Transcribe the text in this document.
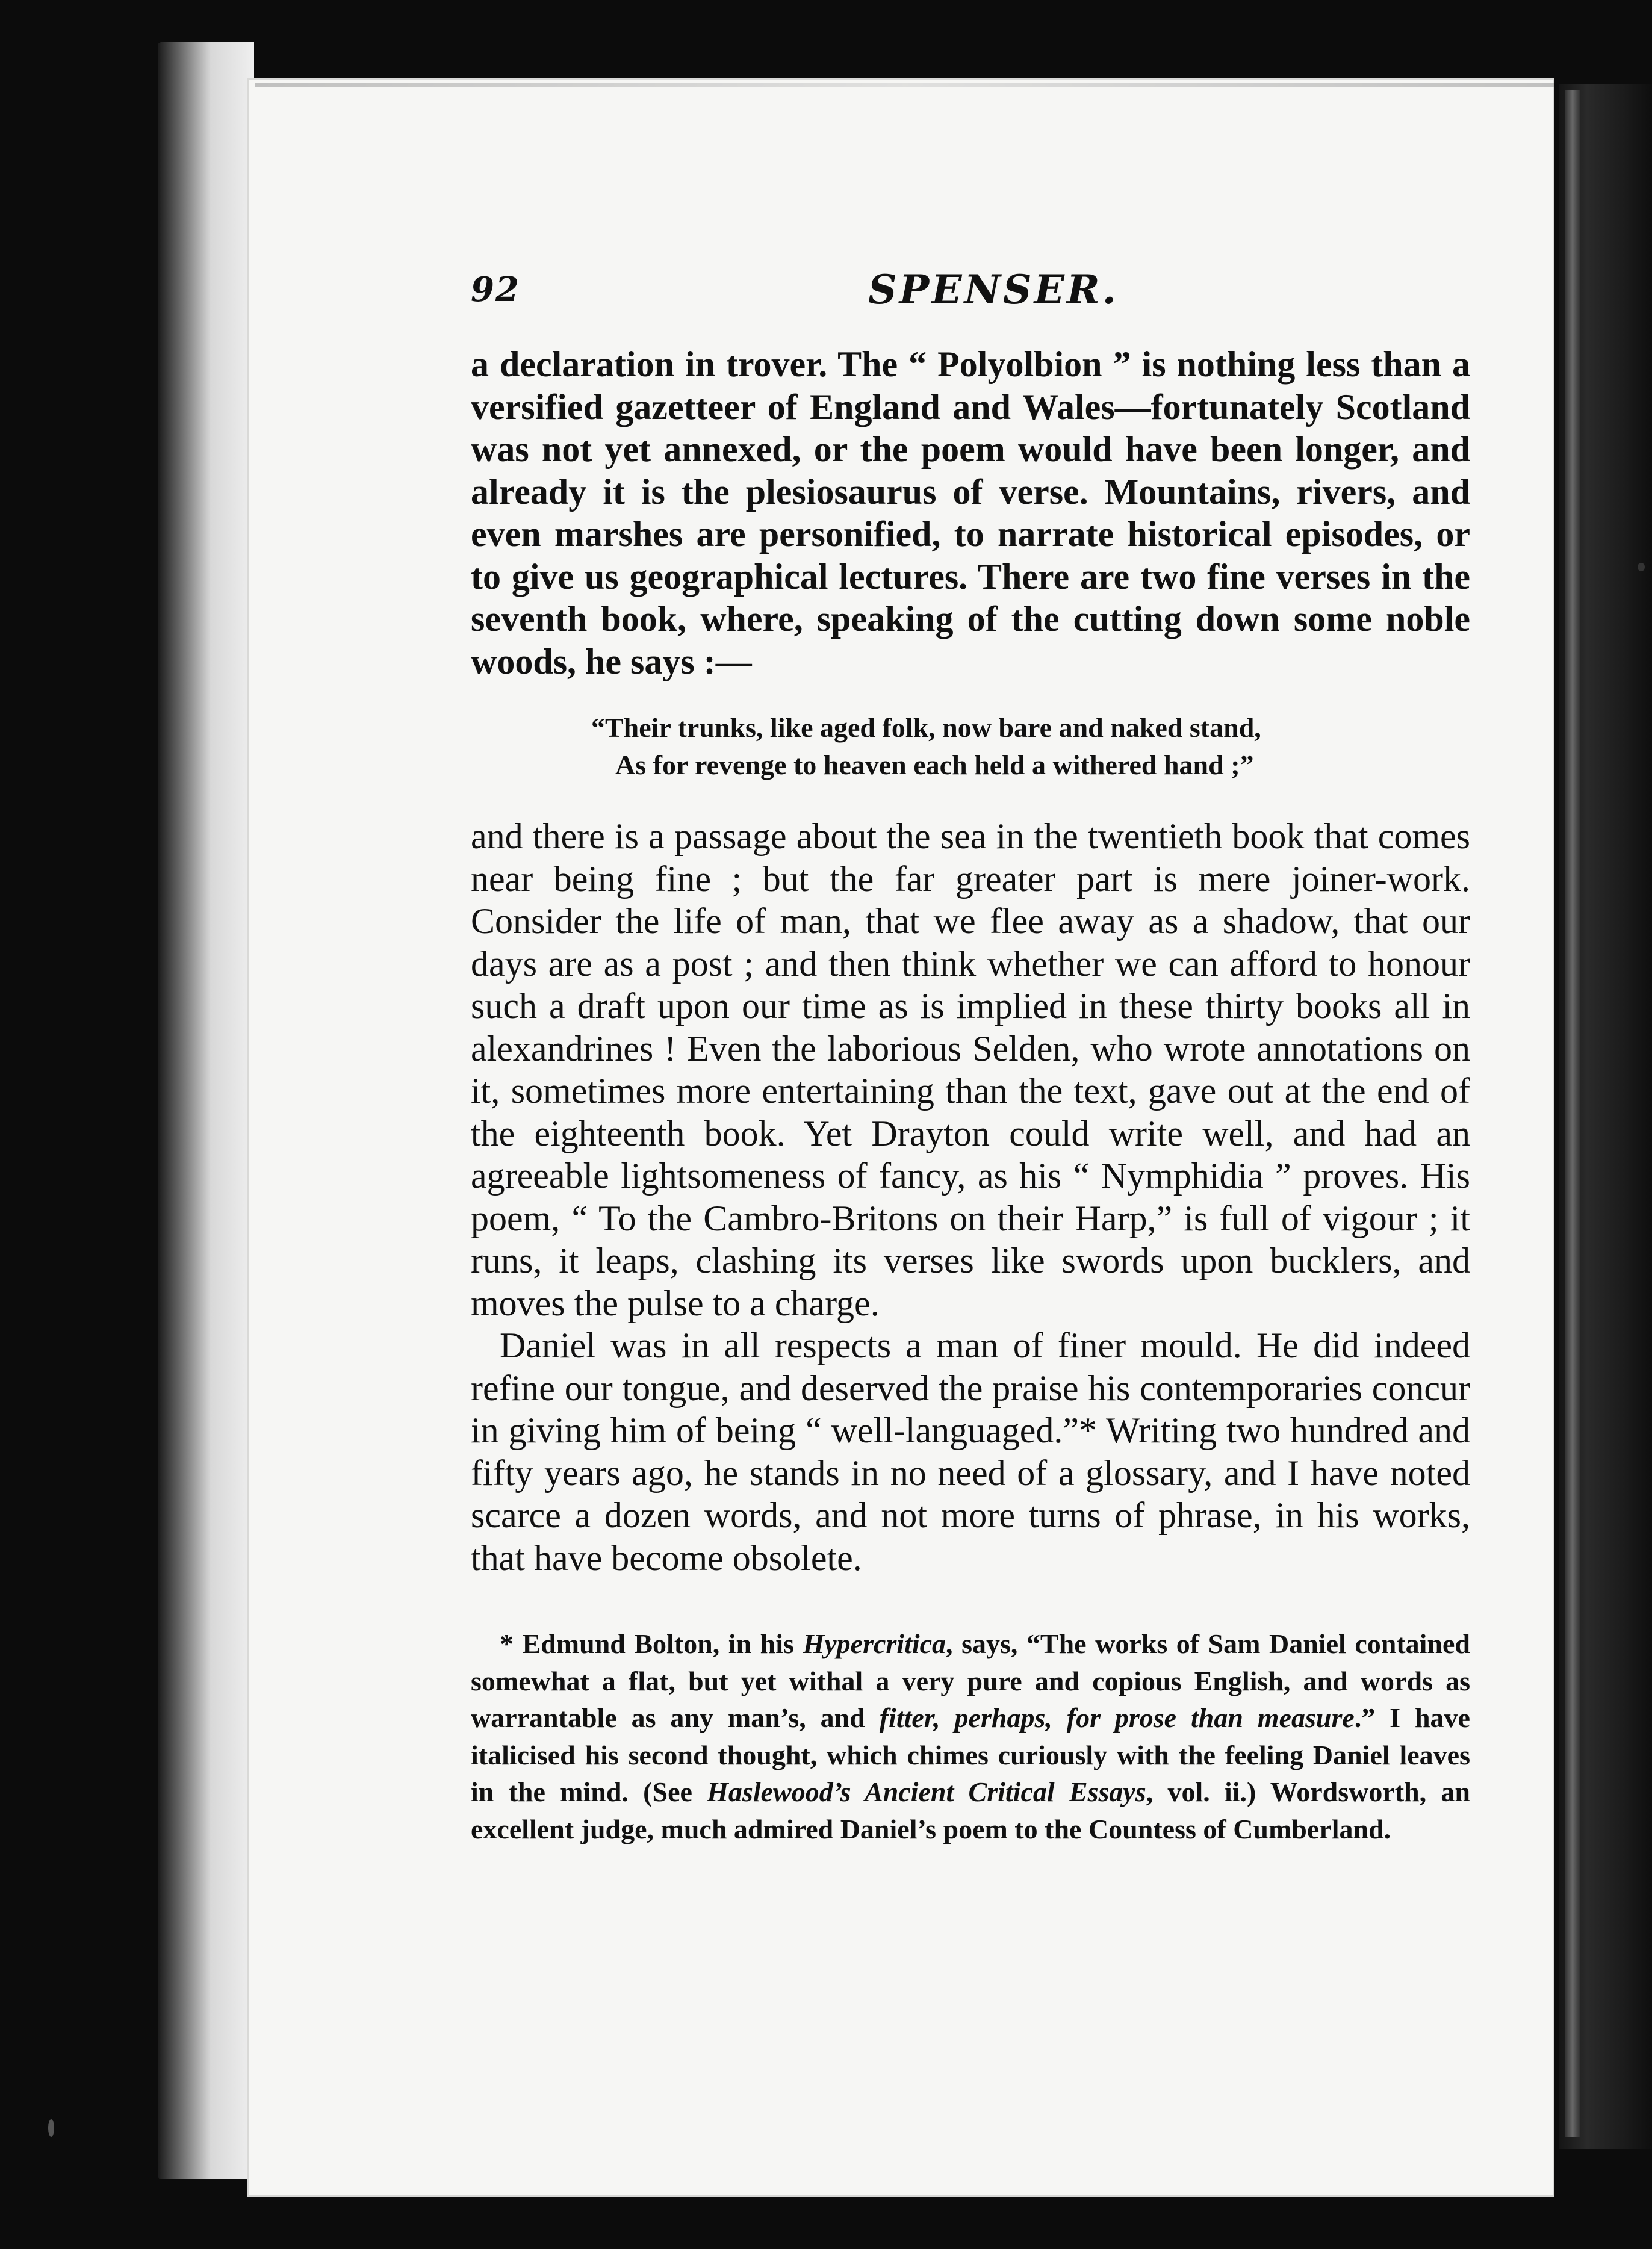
92	SPENSER.

a declaration in trover. The “ Polyolbion ” is nothing less than a versified gazetteer of England and Wales—fortunately Scotland was not yet annexed, or the poem would have been longer, and already it is the plesiosaurus of verse. Mountains, rivers, and even marshes are personified, to narrate historical episodes, or to give us geographical lectures. There are two fine verses in the seventh book, where, speaking of the cutting down some noble woods, he says :—

“Their trunks, like aged folk, now bare and naked stand,
As for revenge to heaven each held a withered hand ;”

and there is a passage about the sea in the twentieth book that comes near being fine ; but the far greater part is mere joiner-work. Consider the life of man, that we flee away as a shadow, that our days are as a post ; and then think whether we can afford to honour such a draft upon our time as is implied in these thirty books all in alexandrines ! Even the laborious Selden, who wrote annotations on it, sometimes more entertaining than the text, gave out at the end of the eighteenth book. Yet Drayton could write well, and had an agreeable lightsomeness of fancy, as his “ Nymphidia ” proves. His poem, “ To the Cambro-Britons on their Harp,” is full of vigour ; it runs, it leaps, clashing its verses like swords upon bucklers, and moves the pulse to a charge.

Daniel was in all respects a man of finer mould. He did indeed refine our tongue, and deserved the praise his contemporaries concur in giving him of being “ well-languaged.”* Writing two hundred and fifty years ago, he stands in no need of a glossary, and I have noted scarce a dozen words, and not more turns of phrase, in his works, that have become obsolete.

* Edmund Bolton, in his Hypercritica, says, “The works of Sam Daniel contained somewhat a flat, but yet withal a very pure and copious English, and words as warrantable as any man’s, and fitter, perhaps, for prose than measure.” I have italicised his second thought, which chimes curiously with the feeling Daniel leaves in the mind. (See Haslewood’s Ancient Critical Essays, vol. ii.) Wordsworth, an excellent judge, much admired Daniel’s poem to the Countess of Cumberland.
